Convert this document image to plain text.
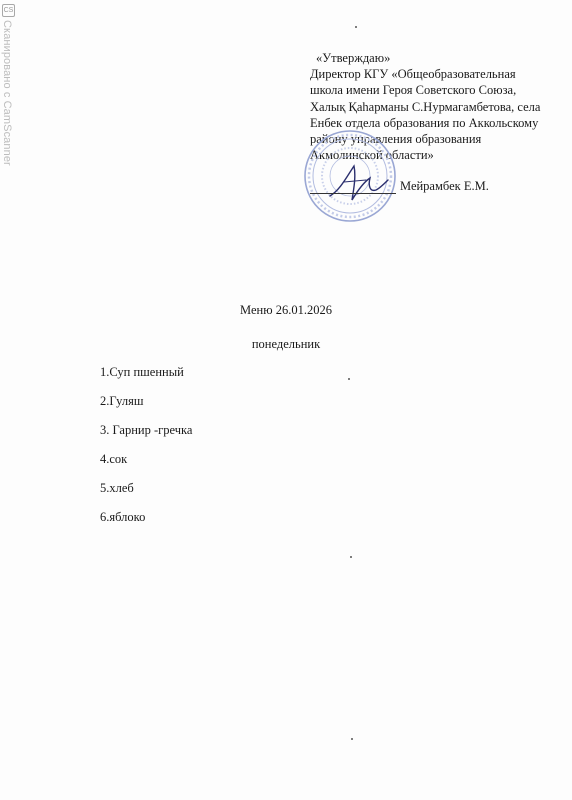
CS
Сканировано с CamScanner	«Утверждаю»
Директор КГУ «Общеобразовательная
школа имени Героя Советского Союза,
Халық Қаһарманы С.Нурмагамбетова, села
Енбек отдела образования по Аккольскому
району управления образования
Акмолинской области»
Мейрамбек Е.М.
Меню 26.01.2026
понедельник
1.Суп пшенный
2.Гуляш
3. Гарнир -гречка
4.сок
5.хлеб
6.яблоко
